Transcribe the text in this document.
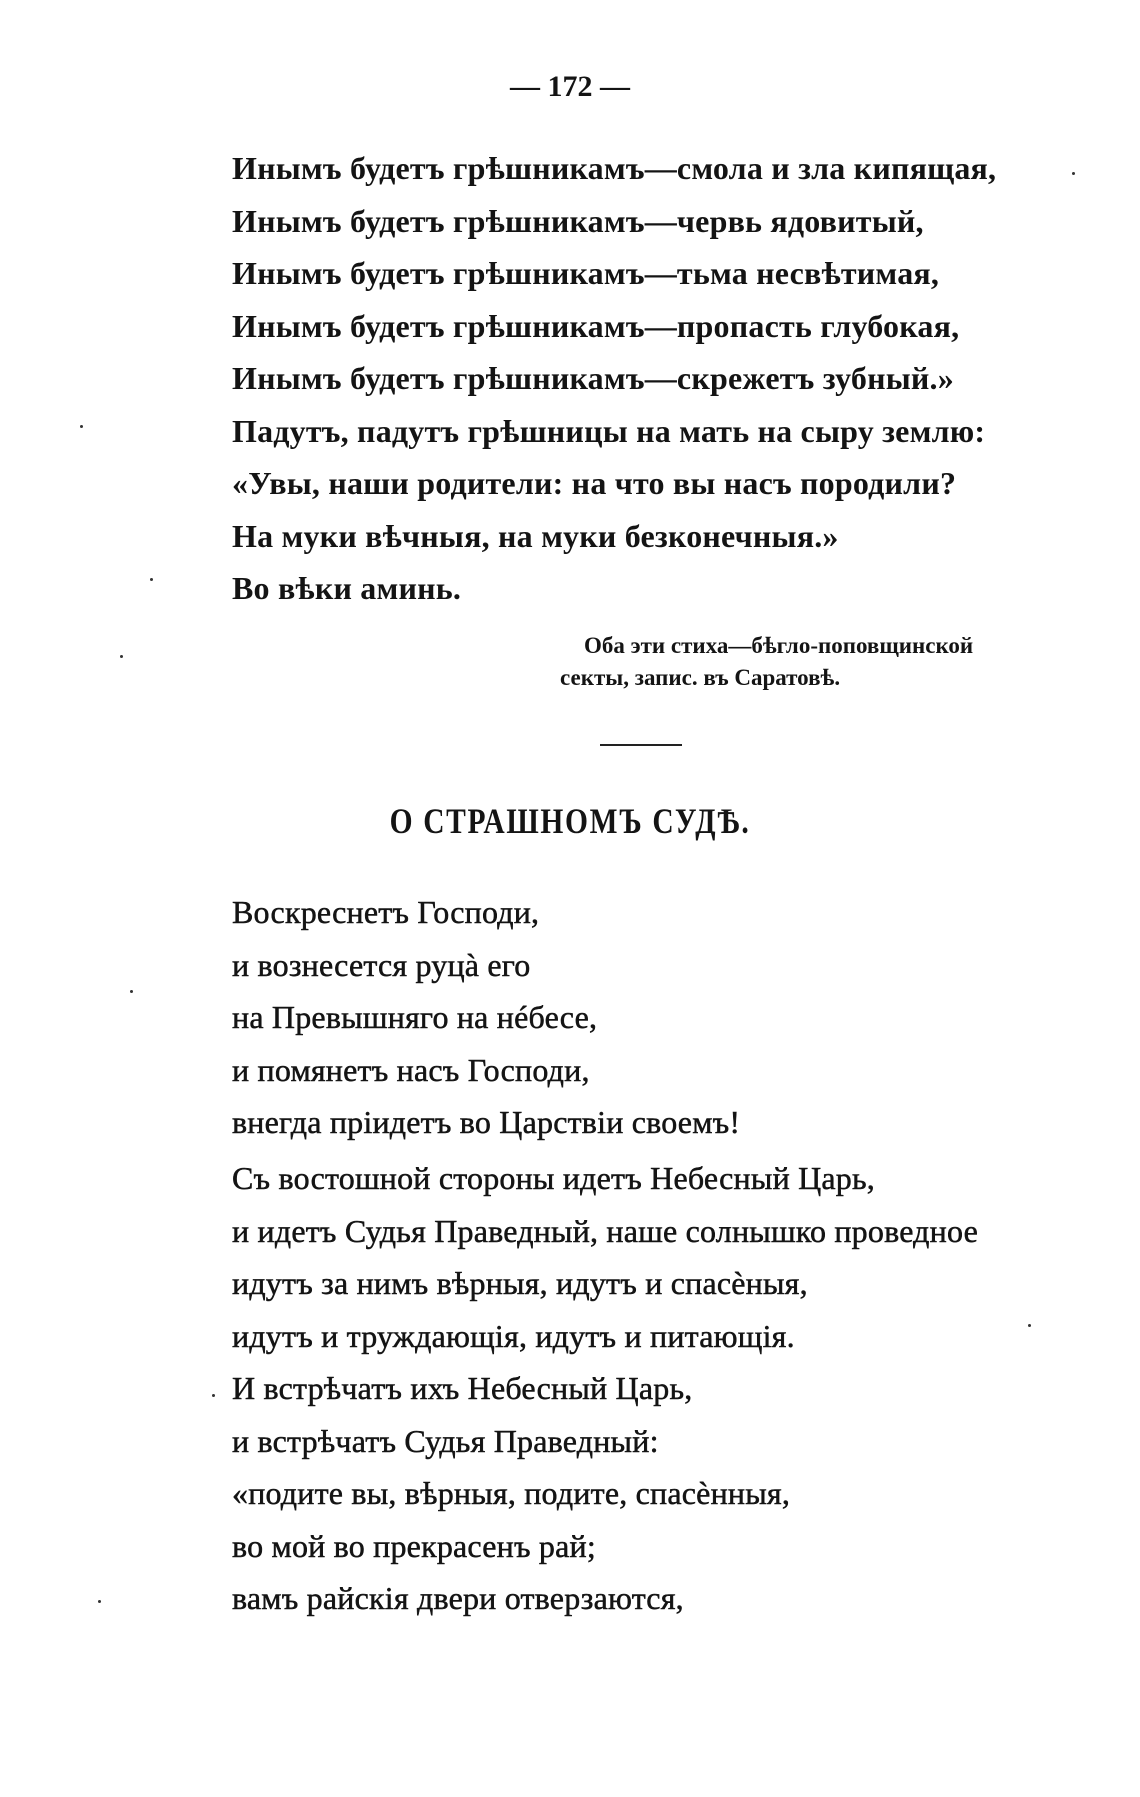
— 172 —
Инымъ будетъ грѣшникамъ—смола и зла кипящая,
Инымъ будетъ грѣшникамъ—червь ядовитый,
Инымъ будетъ грѣшникамъ—тьма несвѣтимая,
Инымъ будетъ грѣшникамъ—пропасть глубокая,
Инымъ будетъ грѣшникамъ—скрежетъ зубный.»
Падутъ, падутъ грѣшницы на мать на сыру землю:
«Увы, наши родители: на что вы насъ породили?
На муки вѣчныя, на муки безконечныя.»
Во вѣки аминь.
Оба эти стиха—бѣгло-поповщинской
секты, запис. въ Саратовѣ.
О СТРАШНОМЪ СУДѢ.
Воскреснетъ Господи,
и вознесется руцà его
на Превышняго на нéбесе,
и помянетъ насъ Господи,
внегда пріидетъ во Царствіи своемъ!
Съ востошной стороны идетъ Небесный Царь,
и идетъ Судья Праведный, наше солнышко проведное
идутъ за нимъ вѣрныя, идутъ и спасѐныя,
идутъ и труждающія, идутъ и питающія.
И встрѣчатъ ихъ Небесный Царь,
и встрѣчатъ Судья Праведный:
«подите вы, вѣрныя, подите, спасѐнныя,
во мой во прекрасенъ рай;
вамъ райскія двери отверзаются,
